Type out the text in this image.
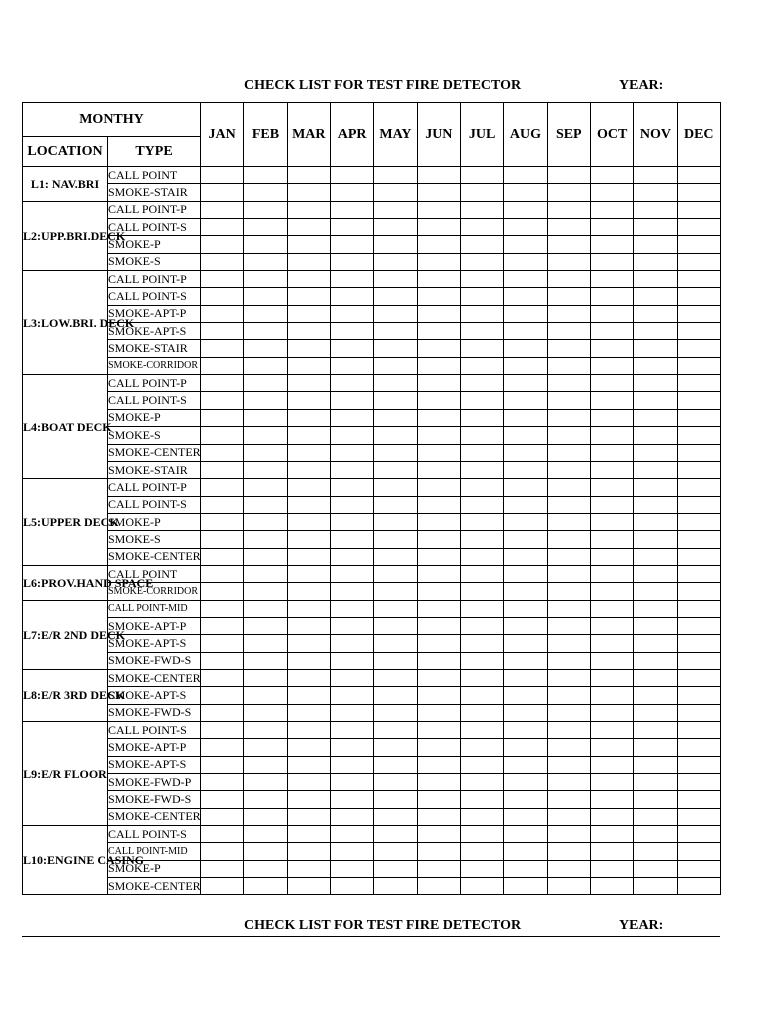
CHECK LIST FOR TEST FIRE DETECTOR	YEAR:
MONTHY		JAN	FEB	MAR	APR	MAY	JUN	JUL	AUG	SEP	OCT	NOV	DEC
LOCATION	TYPE												
L1: NAV.BRI	CALL POINT												
	SMOKE-STAIR												
L2:UPP.BRI.DECK	CALL POINT-P												
	CALL POINT-S												
	SMOKE-P												
	SMOKE-S												
L3:LOW.BRI. DECK	CALL POINT-P												
	CALL POINT-S												
	SMOKE-APT-P												
	SMOKE-APT-S												
	SMOKE-STAIR												
	SMOKE-CORRIDOR												
L4:BOAT DECK	CALL POINT-P												
	CALL POINT-S												
	SMOKE-P												
	SMOKE-S												
	SMOKE-CENTER												
	SMOKE-STAIR												
L5:UPPER DECK	CALL POINT-P												
	CALL POINT-S												
	SMOKE-P												
	SMOKE-S												
	SMOKE-CENTER												
L6:PROV.HAND SPACE	CALL POINT												
	SMOKE-CORRIDOR												
L7:E/R 2ND DECK	CALL POINT-MID												
	SMOKE-APT-P												
	SMOKE-APT-S												
	SMOKE-FWD-S												
L8:E/R 3RD DECK	SMOKE-CENTER												
	SMOKE-APT-S												
	SMOKE-FWD-S												
L9:E/R FLOOR	CALL POINT-S												
	SMOKE-APT-P												
	SMOKE-APT-S												
	SMOKE-FWD-P												
	SMOKE-FWD-S												
	SMOKE-CENTER												
L10:ENGINE CASING	CALL POINT-S												
	CALL POINT-MID												
	SMOKE-P												
	SMOKE-CENTER												
CHECK LIST FOR TEST FIRE DETECTOR	YEAR:
